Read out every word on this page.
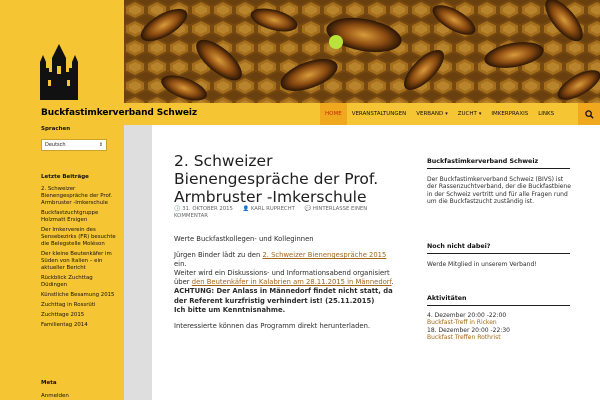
Buckfastimkerverband Schweiz	HOME VERANSTALTUNGEN VERBAND ▾ ZUCHT ▾ IMKERPRAXIS LINKS
Sprachen
Deutsch	⇕
Letzte Beiträge
2. Schweizer Bienengespräche der Prof. Armbruster -Imkerschule
Buckfastzuchtgruppe Holzmatt Ersigen
Der Imkerverein des Sensebezirks (FR) besuchte die Belegstelle Moléson
Der kleine Beutenkäfer im Süden von Italien – ein aktueller Bericht
Rückblick Zuchttag Düdingen
Künstliche Besamung 2015
Zuchttag in Rossrüti
Zuchttage 2015
Familientag 2014
Meta
Anmelden
2. Schweizer Bienengespräche der Prof. Armbruster -Imkerschule
🕓 31. OKTOBER 2015 👤 KARL RUPRECHT 💬 HINTERLASSE EINEN KOMMENTAR

Werte Buckfastkollegen- und Kolleginnen

Jürgen Binder lädt zu den 2. Schweizer Bienengespräche 2015 ein.
Weiter wird ein Diskussions- und Informationsabend organisiert über den Beutenkäfer in Kalabrien am 28.11.2015 in Männedorf.
ACHTUNG: Der Anlass in Männedorf findet nicht statt, da der Referent kurzfristig verhindert ist! (25.11.2015)
Ich bitte um Kenntnisnahme.

Interessierte können das Programm direkt herunterladen.

Buckfastimkerverband Schweiz
Der Buckfastimkerverband Schweiz (BIVS) ist der Rassenzuchtverband, der die Buckfastbiene in der Schweiz vertritt und für alle Fragen rund um die Buckfastzucht zuständig ist.
Noch nicht dabei?
Werde Mitglied in unserem Verband!
Aktivitäten
4. Dezember 20:00 -22:00
Buckfast-Treff in Ricken
18. Dezember 20:00 -22:30
Buckfast Treffen Rothrist
